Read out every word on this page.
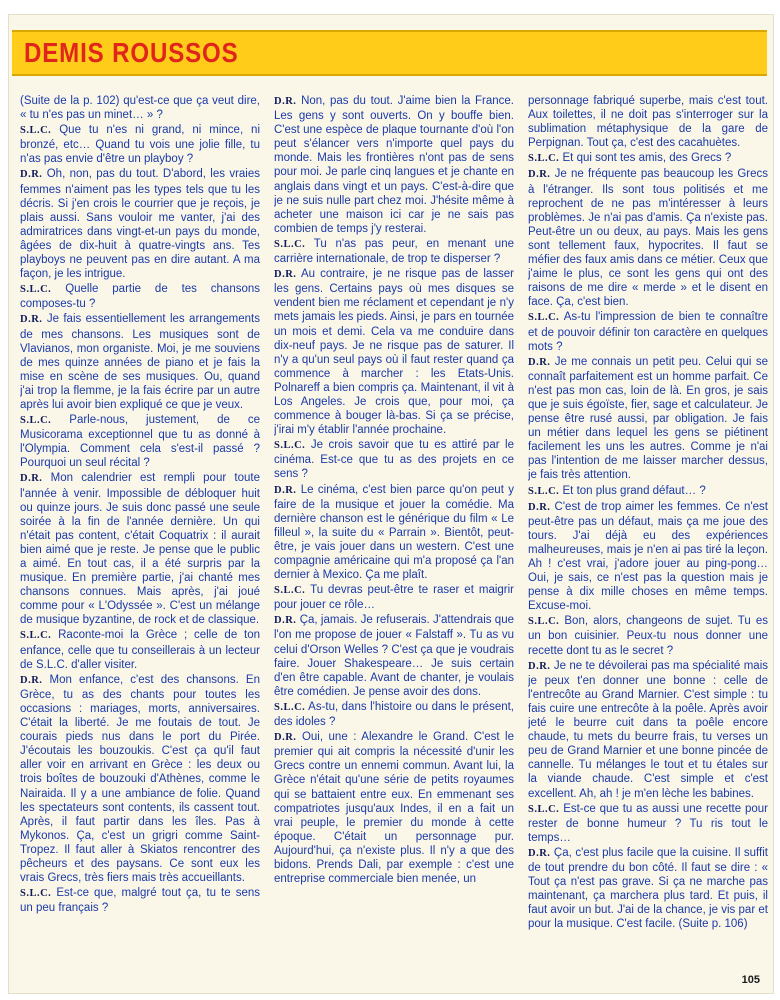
DEMIS ROUSSOS

(Suite de la p. 102) qu'est-ce que ça veut dire, « tu n'es pas un minet… » ?

S.L.C. Que tu n'es ni grand, ni mince, ni bronzé, etc… Quand tu vois une jolie fille, tu n'as pas envie d'être un playboy ?

D.R. Oh, non, pas du tout. D'abord, les vraies femmes n'aiment pas les types tels que tu les décris. Si j'en crois le courrier que je reçois, je plais aussi. Sans vouloir me vanter, j'ai des admiratrices dans vingt-et-un pays du monde, âgées de dix-huit à quatre-vingts ans. Tes playboys ne peuvent pas en dire autant. A ma façon, je les intrigue.

S.L.C. Quelle partie de tes chansons composes-tu ?

D.R. Je fais essentiellement les arrangements de mes chansons. Les musiques sont de Vlavianos, mon organiste. Moi, je me souviens de mes quinze années de piano et je fais la mise en scène de ses musiques. Ou, quand j'ai trop la flemme, je la fais écrire par un autre après lui avoir bien expliqué ce que je veux.

S.L.C. Parle-nous, justement, de ce Musicorama exceptionnel que tu as donné à l'Olympia. Comment cela s'est-il passé ? Pourquoi un seul récital ?

D.R. Mon calendrier est rempli pour toute l'année à venir. Impossible de débloquer huit ou quinze jours. Je suis donc passé une seule soirée à la fin de l'année dernière. Un qui n'était pas content, c'était Coquatrix : il aurait bien aimé que je reste. Je pense que le public a aimé. En tout cas, il a été surpris par la musique. En première partie, j'ai chanté mes chansons connues. Mais après, j'ai joué comme pour « L'Odyssée ». C'est un mélange de musique byzantine, de rock et de classique.

S.L.C. Raconte-moi la Grèce ; celle de ton enfance, celle que tu conseillerais à un lecteur de S.L.C. d'aller visiter.

D.R. Mon enfance, c'est des chansons. En Grèce, tu as des chants pour toutes les occasions : mariages, morts, anniversaires. C'était la liberté. Je me foutais de tout. Je courais pieds nus dans le port du Pirée. J'écoutais les bouzoukis. C'est ça qu'il faut aller voir en arrivant en Grèce : les deux ou trois boîtes de bouzouki d'Athènes, comme le Nairaida. Il y a une ambiance de folie. Quand les spectateurs sont contents, ils cassent tout. Après, il faut partir dans les îles. Pas à Mykonos. Ça, c'est un grigri comme Saint-Tropez. Il faut aller à Skiatos rencontrer des pêcheurs et des paysans. Ce sont eux les vrais Grecs, très fiers mais très accueillants.

S.L.C. Est-ce que, malgré tout ça, tu te sens un peu français ?

D.R. Non, pas du tout. J'aime bien la France. Les gens y sont ouverts. On y bouffe bien. C'est une espèce de plaque tournante d'où l'on peut s'élancer vers n'importe quel pays du monde. Mais les frontières n'ont pas de sens pour moi. Je parle cinq langues et je chante en anglais dans vingt et un pays. C'est-à-dire que je ne suis nulle part chez moi. J'hésite même à acheter une maison ici car je ne sais pas combien de temps j'y resterai.

S.L.C. Tu n'as pas peur, en menant une carrière internationale, de trop te disperser ?

D.R. Au contraire, je ne risque pas de lasser les gens. Certains pays où mes disques se vendent bien me réclament et cependant je n'y mets jamais les pieds. Ainsi, je pars en tournée un mois et demi. Cela va me conduire dans dix-neuf pays. Je ne risque pas de saturer. Il n'y a qu'un seul pays où il faut rester quand ça commence à marcher : les Etats-Unis. Polnareff a bien compris ça. Maintenant, il vit à Los Angeles. Je crois que, pour moi, ça commence à bouger là-bas. Si ça se précise, j'irai m'y établir l'année prochaine.

S.L.C. Je crois savoir que tu es attiré par le cinéma. Est-ce que tu as des projets en ce sens ?

D.R. Le cinéma, c'est bien parce qu'on peut y faire de la musique et jouer la comédie. Ma dernière chanson est le générique du film « Le filleul », la suite du « Parrain ». Bientôt, peut-être, je vais jouer dans un western. C'est une compagnie américaine qui m'a proposé ça l'an dernier à Mexico. Ça me plaît.

S.L.C. Tu devras peut-être te raser et maigrir pour jouer ce rôle…

D.R. Ça, jamais. Je refuserais. J'attendrais que l'on me propose de jouer « Falstaff ». Tu as vu celui d'Orson Welles ? C'est ça que je voudrais faire. Jouer Shakespeare… Je suis certain d'en être capable. Avant de chanter, je voulais être comédien. Je pense avoir des dons.

S.L.C. As-tu, dans l'histoire ou dans le présent, des idoles ?

D.R. Oui, une : Alexandre le Grand. C'est le premier qui ait compris la nécessité d'unir les Grecs contre un ennemi commun. Avant lui, la Grèce n'était qu'une série de petits royaumes qui se battaient entre eux. En emmenant ses compatriotes jusqu'aux Indes, il en a fait un vrai peuple, le premier du monde à cette époque. C'était un personnage pur. Aujourd'hui, ça n'existe plus. Il n'y a que des bidons. Prends Dali, par exemple : c'est une entreprise commerciale bien menée, un

personnage fabriqué superbe, mais c'est tout. Aux toilettes, il ne doit pas s'interroger sur la sublimation métaphysique de la gare de Perpignan. Tout ça, c'est des cacahuètes.

S.L.C. Et qui sont tes amis, des Grecs ?

D.R. Je ne fréquente pas beaucoup les Grecs à l'étranger. Ils sont tous politisés et me reprochent de ne pas m'intéresser à leurs problèmes. Je n'ai pas d'amis. Ça n'existe pas. Peut-être un ou deux, au pays. Mais les gens sont tellement faux, hypocrites. Il faut se méfier des faux amis dans ce métier. Ceux que j'aime le plus, ce sont les gens qui ont des raisons de me dire « merde » et le disent en face. Ça, c'est bien.

S.L.C. As-tu l'impression de bien te connaître et de pouvoir définir ton caractère en quelques mots ?

D.R. Je me connais un petit peu. Celui qui se connaît parfaitement est un homme parfait. Ce n'est pas mon cas, loin de là. En gros, je sais que je suis égoïste, fier, sage et calculateur. Je pense être rusé aussi, par obligation. Je fais un métier dans lequel les gens se piétinent facilement les uns les autres. Comme je n'ai pas l'intention de me laisser marcher dessus, je fais très attention.

S.L.C. Et ton plus grand défaut… ?

D.R. C'est de trop aimer les femmes. Ce n'est peut-être pas un défaut, mais ça me joue des tours. J'ai déjà eu des expériences malheureuses, mais je n'en ai pas tiré la leçon. Ah ! c'est vrai, j'adore jouer au ping-pong… Oui, je sais, ce n'est pas la question mais je pense à dix mille choses en même temps. Excuse-moi.

S.L.C. Bon, alors, changeons de sujet. Tu es un bon cuisinier. Peux-tu nous donner une recette dont tu as le secret ?

D.R. Je ne te dévoilerai pas ma spécialité mais je peux t'en donner une bonne : celle de l'entrecôte au Grand Marnier. C'est simple : tu fais cuire une entrecôte à la poêle. Après avoir jeté le beurre cuit dans ta poêle encore chaude, tu mets du beurre frais, tu verses un peu de Grand Marnier et une bonne pincée de cannelle. Tu mélanges le tout et tu étales sur la viande chaude. C'est simple et c'est excellent. Ah, ah ! je m'en lèche les babines.

S.L.C. Est-ce que tu as aussi une recette pour rester de bonne humeur ? Tu ris tout le temps…

D.R. Ça, c'est plus facile que la cuisine. Il suffit de tout prendre du bon côté. Il faut se dire : « Tout ça n'est pas grave. Si ça ne marche pas maintenant, ça marchera plus tard. Et puis, il faut avoir un but. J'ai de la chance, je vis par et pour la musique. C'est facile. (Suite p. 106)

105
